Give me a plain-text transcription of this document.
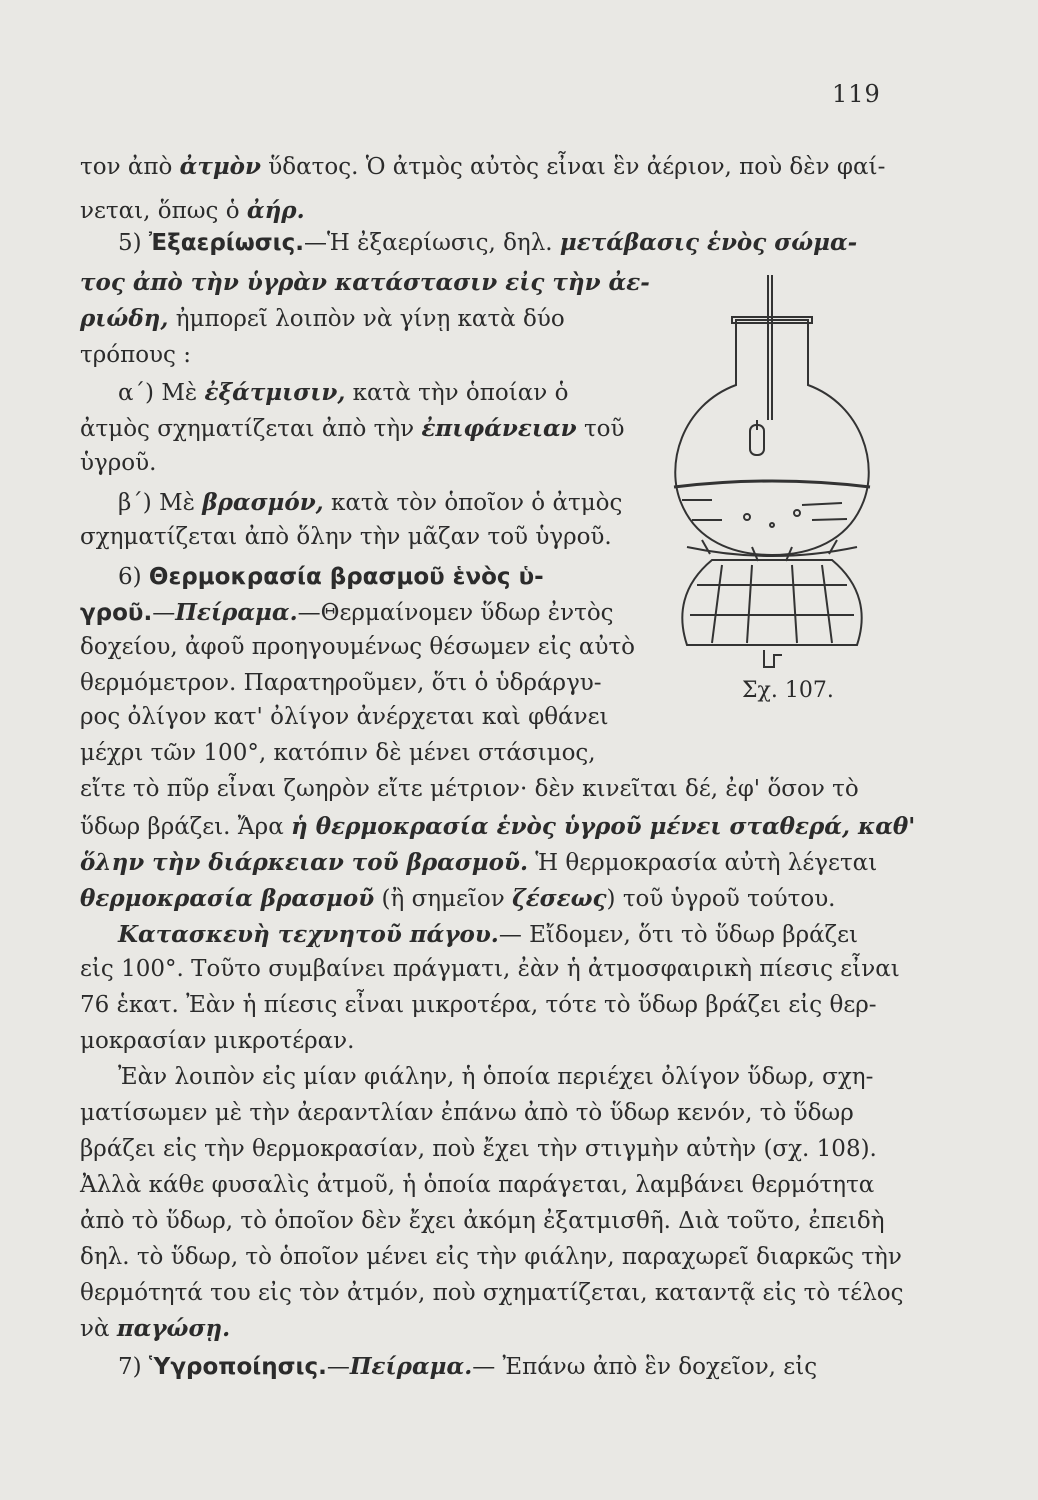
119
τον ἀπὸ ἀτμὸν ὕδατος. Ὁ ἀτμὸς αὐτὸς εἶναι ἓν ἀέριον, ποὺ δὲν φαί-
νεται, ὅπως ὁ ἀήρ.
5) Ἐξαερίωσις.—Ἡ ἐξαερίωσις, δηλ. μετάβασις ἑνὸς σώμα-
τος ἀπὸ τὴν ὑγρὰν κατάστασιν εἰς τὴν ἀε-
ριώδη, ἠμπορεῖ λοιπὸν νὰ γίνῃ κατὰ δύο
τρόπους :
α΄) Μὲ ἐξάτμισιν, κατὰ τὴν ὁποίαν ὁ
ἀτμὸς σχηματίζεται ἀπὸ τὴν ἐπιφάνειαν τοῦ
ὑγροῦ.
β΄) Μὲ βρασμόν, κατὰ τὸν ὁποῖον ὁ ἀτμὸς
σχηματίζεται ἀπὸ ὅλην τὴν μᾶζαν τοῦ ὑγροῦ.
6) Θερμοκρασία βρασμοῦ ἑνὸς ὑ-
γροῦ.—Πείραμα.—Θερμαίνομεν ὕδωρ ἐντὸς
δοχείου, ἀφοῦ προηγουμένως θέσωμεν εἰς αὐτὸ
θερμόμετρον. Παρατηροῦμεν, ὅτι ὁ ὑδράργυ-
ρος ὀλίγον κατ' ὀλίγον ἀνέρχεται καὶ φθάνει
μέχρι τῶν 100°, κατόπιν δὲ μένει στάσιμος,
εἴτε τὸ πῦρ εἶναι ζωηρὸν εἴτε μέτριον· δὲν κινεῖται δέ, ἐφ' ὅσον τὸ
ὕδωρ βράζει. Ἄρα ἡ θερμοκρασία ἑνὸς ὑγροῦ μένει σταθερά, καθ'
ὅλην τὴν διάρκειαν τοῦ βρασμοῦ. Ἡ θερμοκρασία αὐτὴ λέγεται
θερμοκρασία βρασμοῦ (ἢ σημεῖον ζέσεως) τοῦ ὑγροῦ τούτου.
Κατασκευὴ τεχνητοῦ πάγου.— Εἴδομεν, ὅτι τὸ ὕδωρ βράζει
εἰς 100°. Τοῦτο συμβαίνει πράγματι, ἐὰν ἡ ἀτμοσφαιρικὴ πίεσις εἶναι
76 ἑκατ. Ἐὰν ἡ πίεσις εἶναι μικροτέρα, τότε τὸ ὕδωρ βράζει εἰς θερ-
μοκρασίαν μικροτέραν.
Ἐὰν λοιπὸν εἰς μίαν φιάλην, ἡ ὁποία περιέχει ὀλίγον ὕδωρ, σχη-
ματίσωμεν μὲ τὴν ἀεραντλίαν ἐπάνω ἀπὸ τὸ ὕδωρ κενόν, τὸ ὕδωρ
βράζει εἰς τὴν θερμοκρασίαν, ποὺ ἔχει τὴν στιγμὴν αὐτὴν (σχ. 108).
Ἀλλὰ κάθε φυσαλὶς ἀτμοῦ, ἡ ὁποία παράγεται, λαμβάνει θερμότητα
ἀπὸ τὸ ὕδωρ, τὸ ὁποῖον δὲν ἔχει ἀκόμη ἐξατμισθῆ. Διὰ τοῦτο, ἐπειδὴ
δηλ. τὸ ὕδωρ, τὸ ὁποῖον μένει εἰς τὴν φιάλην, παραχωρεῖ διαρκῶς τὴν
θερμότητά του εἰς τὸν ἀτμόν, ποὺ σχηματίζεται, καταντᾷ εἰς τὸ τέλος
νὰ παγώσῃ.
7) Ὑγροποίησις.—Πείραμα.— Ἐπάνω ἀπὸ ἓν δοχεῖον, εἰς
Σχ. 107.
